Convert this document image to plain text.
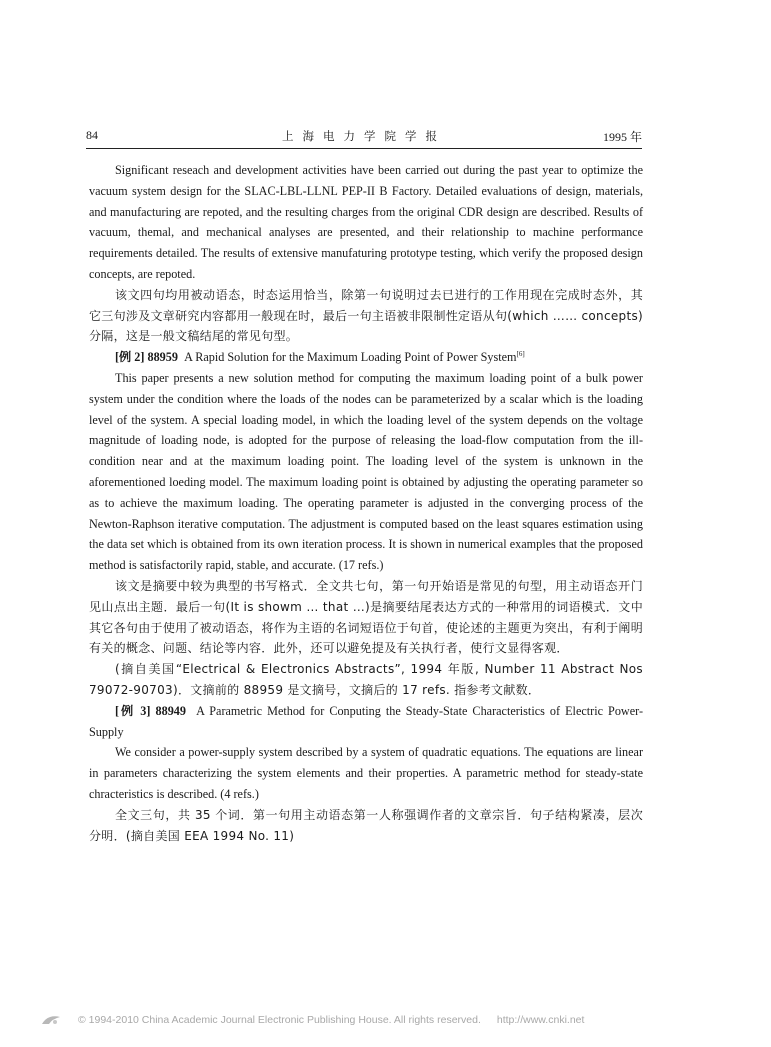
84	上海电力学院学报	1995 年

Significant reseach and development activities have been carried out during the past year to optimize the vacuum system design for the SLAC-LBL-LLNL PEP-II B Factory. Detailed evaluations of design, materials, and manufacturing are repoted, and the resulting charges from the original CDR design are described. Results of vacuum, themal, and mechanical analyses are presented, and their relationship to machine performance requirements detailed. The results of extensive manufaturing prototype testing, which verify the proposed design concepts, are repoted.

该文四句均用被动语态，时态运用恰当，除第一句说明过去已进行的工作用现在完成时态外，其它三句涉及文章研究内容都用一般现在时，最后一句主语被非限制性定语从句(which …… concepts)分隔，这是一般文稿结尾的常见句型。

[例 2] 88959 A Rapid Solution for the Maximum Loading Point of Power System[6]

This paper presents a new solution method for computing the maximum loading point of a bulk power system under the condition where the loads of the nodes can be parameterized by a scalar which is the loading level of the system. A special loading model, in which the loading level of the system depends on the voltage magnitude of loading node, is adopted for the purpose of releasing the load-flow computation from the ill-condition near and at the maximum loading point. The loading level of the system is unknown in the aforementioned loeding model. The maximum loading point is obtained by adjusting the operating parameter so as to achieve the maximum loading. The operating parameter is adjusted in the converging process of the Newton-Raphson iterative computation. The adjustment is computed based on the least squares estimation using the data set which is obtained from its own iteration process. It is shown in numerical examples that the proposed method is satisfactorily rapid, stable, and accurate. (17 refs.)

该文是摘要中较为典型的书写格式．全文共七句，第一句开始语是常见的句型，用主动语态开门见山点出主题．最后一句(It is showm … that …)是摘要结尾表达方式的一种常用的词语模式．文中其它各句由于使用了被动语态，将作为主语的名词短语位于句首，使论述的主题更为突出，有利于阐明有关的概念、问题、结论等内容．此外，还可以避免提及有关执行者，使行文显得客观．

(摘自美国“Electrical & Electronics Abstracts”, 1994 年版, Number 11 Abstract Nos 79072-90703)．文摘前的 88959 是文摘号，文摘后的 17 refs. 指参考文献数．

[例 3] 88949 A Parametric Method for Conputing the Steady-State Characteristics of Electric Power-Supply

We consider a power-supply system described by a system of quadratic equations. The equations are linear in parameters characterizing the system elements and their properties. A parametric method for steady-state chracteristics is described. (4 refs.)

全文三句，共 35 个词．第一句用主动语态第一人称强调作者的文章宗旨．句子结构紧凑，层次分明．(摘自美国 EEA 1994 No. 11)

© 1994-2010 China Academic Journal Electronic Publishing House. All rights reserved. http://www.cnki.net
